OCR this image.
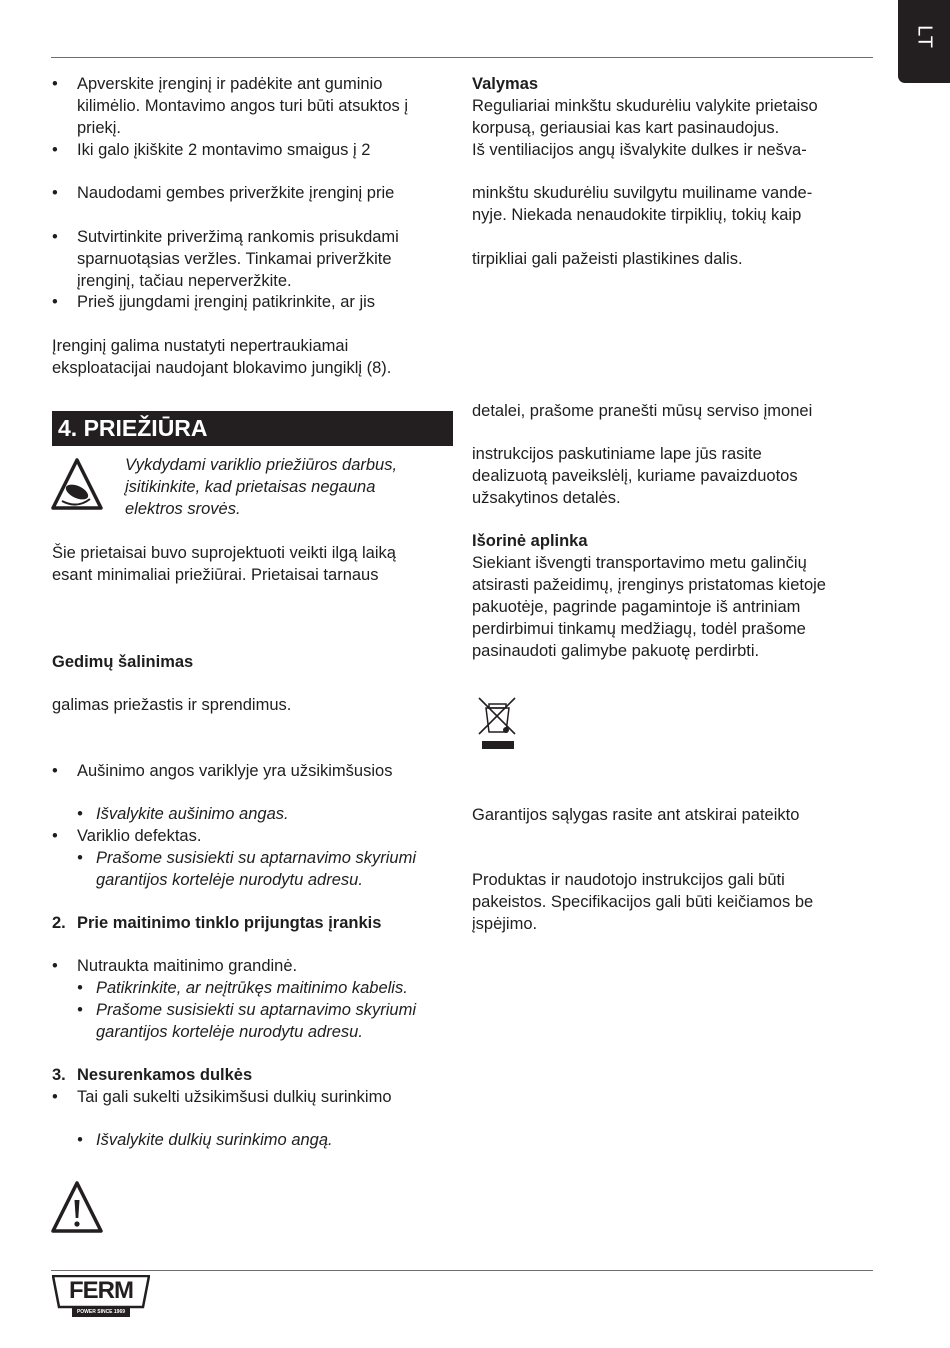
LT
• Apverskite įrenginį ir padėkite ant guminio
kilimėlio. Montavimo angos turi būti atsuktos į
priekį.
• Iki galo įkiškite 2 montavimo smaigus į 2
• Naudodami gembes priveržkite įrenginį prie
• Sutvirtinkite priveržimą rankomis prisukdami
sparnuotąsias veržles. Tinkamai priveržkite
įrenginį, tačiau neperveržkite.
• Prieš įjungdami įrenginį patikrinkite, ar jis
Įrenginį galima nustatyti nepertraukiamai
eksploatacijai naudojant blokavimo jungiklį (8).
4. PRIEŽIŪRA
Vykdydami variklio priežiūros darbus,
įsitikinkite, kad prietaisas negauna
elektros srovės.
Šie prietaisai buvo suprojektuoti veikti ilgą laiką
esant minimaliai priežiūrai. Prietaisai tarnaus
Gedimų šalinimas
galimas priežastis ir sprendimus.
• Aušinimo angos variklyje yra užsikimšusios
• Išvalykite aušinimo angas.
• Variklio defektas.
• Prašome susisiekti su aptarnavimo skyriumi
garantijos kortelėje nurodytu adresu.
2. Prie maitinimo tinklo prijungtas įrankis
• Nutraukta maitinimo grandinė.
• Patikrinkite, ar neįtrūkęs maitinimo kabelis.
• Prašome susisiekti su aptarnavimo skyriumi
garantijos kortelėje nurodytu adresu.
3. Nesurenkamos dulkės
• Tai gali sukelti užsikimšusi dulkių surinkimo
• Išvalykite dulkių surinkimo angą.
Valymas
Reguliariai minkštu skudurėliu valykite prietaiso
korpusą, geriausiai kas kart pasinaudojus.
Iš ventiliacijos angų išvalykite dulkes ir nešva-
minkštu skudurėliu suvilgytu muiliname vande-
nyje. Niekada nenaudokite tirpiklių, tokių kaip
tirpikliai gali pažeisti plastikines dalis.
detalei, prašome pranešti mūsų serviso įmonei
instrukcijos paskutiniame lape jūs rasite
dealizuotą paveikslėlį, kuriame pavaizduotos
užsakytinos detalės.
Išorinė aplinka
Siekiant išvengti transportavimo metu galinčių
atsirasti pažeidimų, įrenginys pristatomas kietoje
pakuotėje, pagrinde pagamintoje iš antriniam
perdirbimui tinkamų medžiagų, todėl prašome
pasinaudoti galimybe pakuotę perdirbti.
Garantijos sąlygas rasite ant atskirai pateikto
Produktas ir naudotojo instrukcijos gali būti
pakeistos. Specifikacijos gali būti keičiamos be
įspėjimo.
FERM
POWER SINCE 1969
